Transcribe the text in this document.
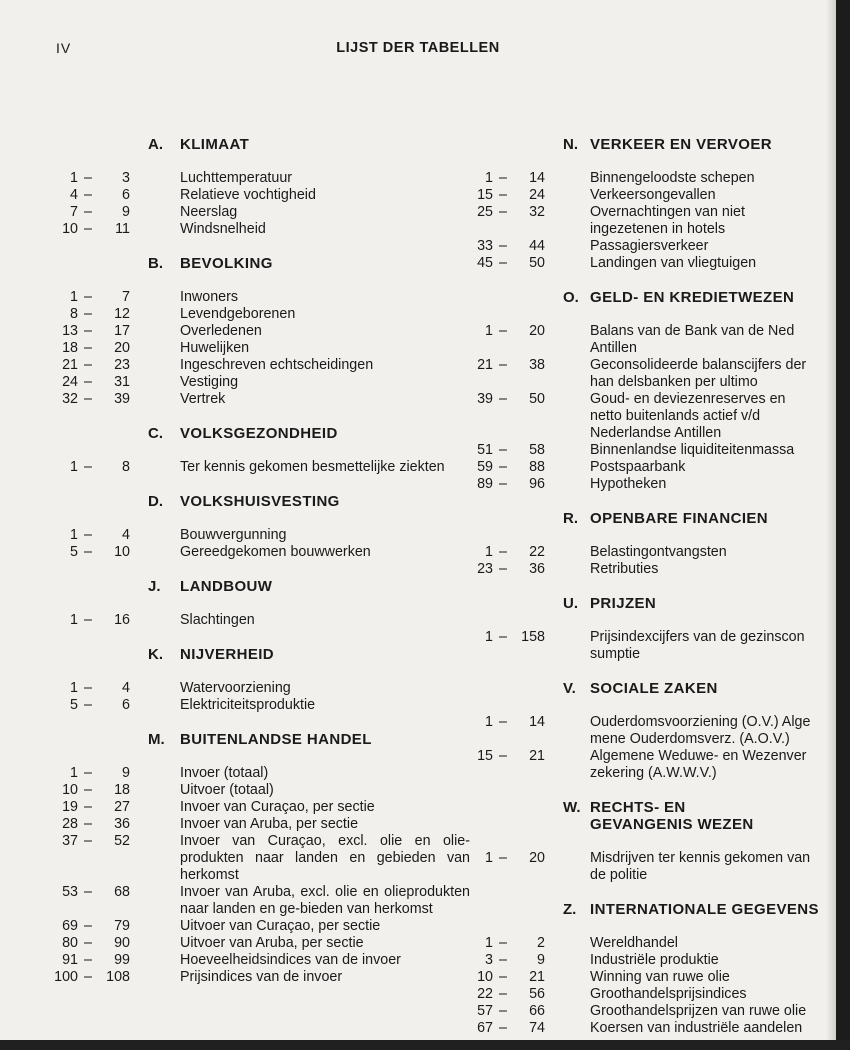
IV	LIJST DER TABELLEN
A. KLIMAAT
1 – 3	Luchttemperatuur
4 – 6	Relatieve vochtigheid
7 – 9	Neerslag
10 – 11	Windsnelheid
B. BEVOLKING
1 – 7	Inwoners
8 – 12	Levendgeborenen
13 – 17	Overledenen
18 – 20	Huwelijken
21 – 23	Ingeschreven echtscheidingen
24 – 31	Vestiging
32 – 39	Vertrek
C. VOLKSGEZONDHEID
1 – 8	Ter kennis gekomen besmettelijke ziekten
D. VOLKSHUISVESTING
1 – 4	Bouwvergunning
5 – 10	Gereedgekomen bouwwerken
J. LANDBOUW
1 – 16	Slachtingen
K. NIJVERHEID
1 – 4	Watervoorziening
5 – 6	Elektriciteitsproduktie
M. BUITENLANDSE HANDEL
1 – 9	Invoer (totaal)
10 – 18	Uitvoer (totaal)
19 – 27	Invoer van Curaçao, per sectie
28 – 36	Invoer van Aruba, per sectie
37 – 52	Invoer van Curaçao, excl. olie en olie-produkten naar landen en gebieden van herkomst
53 – 68	Invoer van Aruba, excl. olie en olieprodukten naar landen en ge-bieden van herkomst
69 – 79	Uitvoer van Curaçao, per sectie
80 – 90	Uitvoer van Aruba, per sectie
91 – 99	Hoeveelheidsindices van de invoer
100 – 108	Prijsindices van de invoer
N. VERKEER EN VERVOER
1 – 14	Binnengeloodste schepen
15 – 24	Verkeersongevallen
25 – 32	Overnachtingen van niet ingezetenen in hotels
33 – 44	Passagiersverkeer
45 – 50	Landingen van vliegtuigen
O. GELD- EN KREDIETWEZEN
1 – 20	Balans van de Bank van de Ned Antillen
21 – 38	Geconsolideerde balanscijfers der han delsbanken per ultimo
39 – 50	Goud- en deviezenreserves en netto buitenlands actief v/d Nederlandse Antillen
51 – 58	Binnenlandse liquiditeitenmassa
59 – 88	Postspaarbank
89 – 96	Hypotheken
R. OPENBARE FINANCIEN
1 – 22	Belastingontvangsten
23 – 36	Retributies
U. PRIJZEN
1 – 158	Prijsindexcijfers van de gezinscon sumptie
V. SOCIALE ZAKEN
1 – 14	Ouderdomsvoorziening (O.V.) Alge mene Ouderdomsverz. (A.O.V.)
15 – 21	Algemene Weduwe- en Wezenver zekering (A.W.W.V.)
W. RECHTS- EN GEVANGENIS WEZEN
1 – 20	Misdrijven ter kennis gekomen van de politie
Z. INTERNATIONALE GEGEVENS
1 – 2	Wereldhandel
3 – 9	Industriële produktie
10 – 21	Winning van ruwe olie
22 – 56	Groothandelsprijsindices
57 – 66	Groothandelsprijzen van ruwe olie
67 – 74	Koersen van industriële aandelen
